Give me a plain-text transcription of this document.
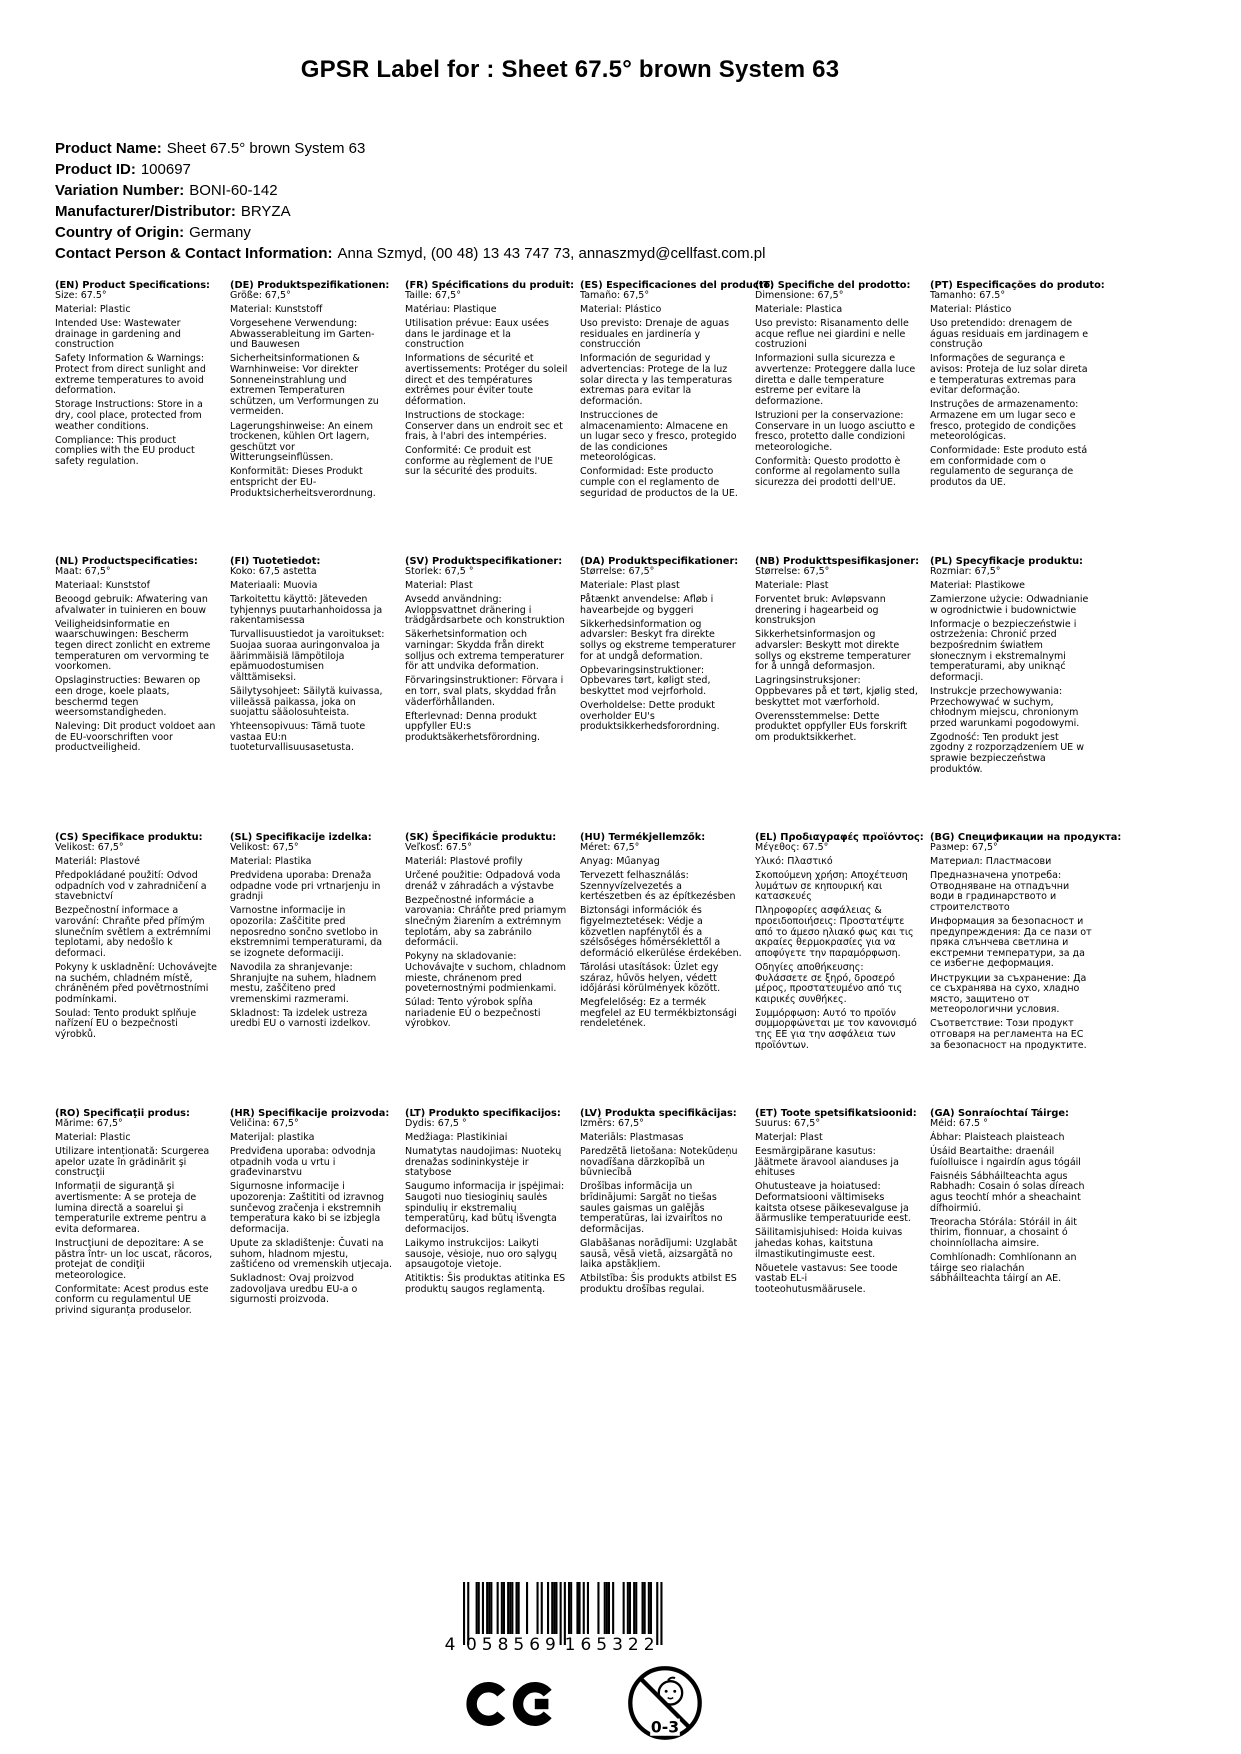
GPSR Label for : Sheet 67.5° brown System 63
Product Name: Sheet 67.5° brown System 63
Product ID: 100697
Variation Number: BONI-60-142
Manufacturer/Distributor: BRYZA
Country of Origin: Germany
Contact Person & Contact Information: Anna Szmyd, (00 48) 13 43 747 73, annaszmyd@cellfast.com.pl
(EN) Product Specifications:

Size: 67.5°

Material: Plastic

Intended Use: Wastewater drainage in gardening and construction

Safety Information & Warnings: Protect from direct sunlight and extreme temperatures to avoid deformation.

Storage Instructions: Store in a dry, cool place, protected from weather conditions.

Compliance: This product complies with the EU product safety regulation.

(DE) Produktspezifikationen:

Größe: 67,5°

Material: Kunststoff

Vorgesehene Verwendung: Abwasserableitung im Garten- und Bauwesen

Sicherheitsinformationen & Warnhinweise: Vor direkter Sonneneinstrahlung und extremen Temperaturen schützen, um Verformungen zu vermeiden.

Lagerungshinweise: An einem trockenen, kühlen Ort lagern, geschützt vor Witterungseinflüssen.

Konformität: Dieses Produkt entspricht der EU-Produktsicherheitsverordnung.

(FR) Spécifications du produit:

Taille: 67,5°

Matériau: Plastique

Utilisation prévue: Eaux usées dans le jardinage et la construction

Informations de sécurité et avertissements: Protéger du soleil direct et des températures extrêmes pour éviter toute déformation.

Instructions de stockage: Conserver dans un endroit sec et frais, à l'abri des intempéries.

Conformité: Ce produit est conforme au règlement de l'UE sur la sécurité des produits.

(ES) Especificaciones del producto:

Tamaño: 67,5°

Material: Plástico

Uso previsto: Drenaje de aguas residuales en jardinería y construcción

Información de seguridad y advertencias: Protege de la luz solar directa y las temperaturas extremas para evitar la deformación.

Instrucciones de almacenamiento: Almacene en un lugar seco y fresco, protegido de las condiciones meteorológicas.

Conformidad: Este producto cumple con el reglamento de seguridad de productos de la UE.

(IT) Specifiche del prodotto:

Dimensione: 67,5°

Materiale: Plastica

Uso previsto: Risanamento delle acque reflue nei giardini e nelle costruzioni

Informazioni sulla sicurezza e avvertenze: Proteggere dalla luce diretta e dalle temperature estreme per evitare la deformazione.

Istruzioni per la conservazione: Conservare in un luogo asciutto e fresco, protetto dalle condizioni meteorologiche.

Conformità: Questo prodotto è conforme al regolamento sulla sicurezza dei prodotti dell'UE.

(PT) Especificações do produto:

Tamanho: 67.5°

Material: Plástico

Uso pretendido: drenagem de águas residuais em jardinagem e construção

Informações de segurança e avisos: Proteja de luz solar direta e temperaturas extremas para evitar deformação.

Instruções de armazenamento: Armazene em um lugar seco e fresco, protegido de condições meteorológicas.

Conformidade: Este produto está em conformidade com o regulamento de segurança de produtos da UE.

(NL) Productspecificaties:

Maat: 67,5°

Materiaal: Kunststof

Beoogd gebruik: Afwatering van afvalwater in tuinieren en bouw

Veiligheidsinformatie en waarschuwingen: Bescherm tegen direct zonlicht en extreme temperaturen om vervorming te voorkomen.

Opslaginstructies: Bewaren op een droge, koele plaats, beschermd tegen weersomstandigheden.

Naleving: Dit product voldoet aan de EU-voorschriften voor productveiligheid.

(FI) Tuotetiedot:

Koko: 67,5 astetta

Materiaali: Muovia

Tarkoitettu käyttö: Jäteveden tyhjennys puutarhanhoidossa ja rakentamisessa

Turvallisuustiedot ja varoitukset: Suojaa suoraa auringonvaloa ja äärimmäisiä lämpötiloja epämuodostumisen välttämiseksi.

Säilytysohjeet: Säilytä kuivassa, viileässä paikassa, joka on suojattu sääolosuhteista.

Yhteensopivuus: Tämä tuote vastaa EU:n tuoteturvallisuusasetusta.

(SV) Produktspecifikationer:

Storlek: 67,5 °

Material: Plast

Avsedd användning: Avloppsvattnet dränering i trädgårdsarbete och konstruktion

Säkerhetsinformation och varningar: Skydda från direkt solljus och extrema temperaturer för att undvika deformation.

Förvaringsinstruktioner: Förvara i en torr, sval plats, skyddad från väderförhållanden.

Efterlevnad: Denna produkt uppfyller EU:s produktsäkerhetsförordning.

(DA) Produktspecifikationer:

Størrelse: 67,5°

Materiale: Plast plast

Påtænkt anvendelse: Afløb i havearbejde og byggeri

Sikkerhedsinformation og advarsler: Beskyt fra direkte sollys og ekstreme temperaturer for at undgå deformation.

Opbevaringsinstruktioner: Opbevares tørt, køligt sted, beskyttet mod vejrforhold.

Overholdelse: Dette produkt overholder EU's produktsikkerhedsforordning.

(NB) Produkttspesifikasjoner:

Størrelse: 67,5°

Materiale: Plast

Forventet bruk: Avløpsvann drenering i hagearbeid og konstruksjon

Sikkerhetsinformasjon og advarsler: Beskytt mot direkte sollys og ekstreme temperaturer for å unngå deformasjon.

Lagringsinstruksjoner: Oppbevares på et tørt, kjølig sted, beskyttet mot værforhold.

Overensstemmelse: Dette produktet oppfyller EUs forskrift om produktsikkerhet.

(PL) Specyfikacje produktu:

Rozmiar: 67,5°

Materiał: Plastikowe

Zamierzone użycie: Odwadnianie w ogrodnictwie i budownictwie

Informacje o bezpieczeństwie i ostrzeżenia: Chronić przed bezpośrednim światłem słonecznym i ekstremalnymi temperaturami, aby uniknąć deformacji.

Instrukcje przechowywania: Przechowywać w suchym, chłodnym miejscu, chronionym przed warunkami pogodowymi.

Zgodność: Ten produkt jest zgodny z rozporządzeniem UE w sprawie bezpieczeństwa produktów.

(CS) Specifikace produktu:

Velikost: 67,5°

Materiál: Plastové

Předpokládané použití: Odvod odpadních vod v zahradničení a stavebnictví

Bezpečnostní informace a varování: Chraňte před přímým slunečním světlem a extrémními teplotami, aby nedošlo k deformaci.

Pokyny k uskladnění: Uchovávejte na suchém, chladném místě, chráněném před povětrnostními podmínkami.

Soulad: Tento produkt splňuje nařízení EU o bezpečnosti výrobků.

(SL) Specifikacije izdelka:

Velikost: 67,5°

Material: Plastika

Predvidena uporaba: Drenaža odpadne vode pri vrtnarjenju in gradnji

Varnostne informacije in opozorila: Zaščitite pred neposredno sončno svetlobo in ekstremnimi temperaturami, da se izognete deformaciji.

Navodila za shranjevanje: Shranjujte na suhem, hladnem mestu, zaščiteno pred vremenskimi razmerami.

Skladnost: Ta izdelek ustreza uredbi EU o varnosti izdelkov.

(SK) Špecifikácie produktu:

Veľkosť: 67.5°

Materiál: Plastové profily

Určené použitie: Odpadová voda drenáž v záhradách a výstavbe

Bezpečnostné informácie a varovania: Chráňte pred priamym slnečným žiarením a extrémnym teplotám, aby sa zabránilo deformácii.

Pokyny na skladovanie: Uchovávajte v suchom, chladnom mieste, chránenom pred poveternostnými podmienkami.

Súlad: Tento výrobok spĺňa nariadenie EÚ o bezpečnosti výrobkov.

(HU) Termékjellemzők:

Méret: 67,5°

Anyag: Műanyag

Tervezett felhasználás: Szennyvízelvezetés a kertészetben és az építkezésben

Biztonsági információk és figyelmeztetések: Védje a közvetlen napfénytől és a szélsőséges hőmérséklettől a deformáció elkerülése érdekében.

Tárolási utasítások: Üzlet egy száraz, hűvös helyen, védett időjárási körülmények között.

Megfelelőség: Ez a termék megfelel az EU termékbiztonsági rendeletének.

(EL) Προδιαγραφές προϊόντος:

Μέγεθος: 67.5°

Υλικό: Πλαστικό

Σκοπούμενη χρήση: Αποχέτευση λυμάτων σε κηπουρική και κατασκευές

Πληροφορίες ασφάλειας & προειδοποιήσεις: Προστατέψτε από το άμεσο ηλιακό φως και τις ακραίες θερμοκρασίες για να αποφύγετε την παραμόρφωση.

Οδηγίες αποθήκευσης: Φυλάσσετε σε ξηρό, δροσερό μέρος, προστατευμένο από τις καιρικές συνθήκες.

Συμμόρφωση: Αυτό το προϊόν συμμορφώνεται με τον κανονισμό της ΕΕ για την ασφάλεια των προϊόντων.

(BG) Спецификации на продукта:

Размер: 67,5°

Материал: Пластмасови

Предназначена употреба: Отводняване на отпадъчни води в градинарството и строителството

Информация за безопасност и предупреждения: Да се пази от пряка слънчева светлина и екстремни температури, за да се избегне деформация.

Инструкции за съхранение: Да се съхранява на сухо, хладно място, защитено от метеорологични условия.

Съответствие: Този продукт отговаря на регламента на ЕС за безопасност на продуктите.

(RO) Specificaţii produs:

Mărime: 67,5°

Material: Plastic

Utilizare intenționată: Scurgerea apelor uzate în grădinărit şi construcţii

Informații de siguranţă şi avertismente: A se proteja de lumina directă a soarelui şi temperaturile extreme pentru a evita deformarea.

Instrucţiuni de depozitare: A se păstra într- un loc uscat, răcoros, protejat de condiţii meteorologice.

Conformitate: Acest produs este conform cu regulamentul UE privind siguranța produselor.

(HR) Specifikacije proizvoda:

Veličina: 67,5°

Materijal: plastika

Predviđena uporaba: odvodnja otpadnih voda u vrtu i građevinarstvu

Sigurnosne informacije i upozorenja: Zaštititi od izravnog sunčevog zračenja i ekstremnih temperatura kako bi se izbjegla deformacija.

Upute za skladištenje: Čuvati na suhom, hladnom mjestu, zaštićeno od vremenskih utjecaja.

Sukladnost: Ovaj proizvod zadovoljava uredbu EU-a o sigurnosti proizvoda.

(LT) Produkto specifikacijos:

Dydis: 67,5 °

Medžiaga: Plastikiniai

Numatytas naudojimas: Nuotekų drenažas sodininkystėje ir statybose

Saugumo informacija ir įspėjimai: Saugoti nuo tiesioginių saulės spindulių ir ekstremalių temperatūrų, kad būtų išvengta deformacijos.

Laikymo instrukcijos: Laikyti sausoje, vėsioje, nuo oro sąlygų apsaugotoje vietoje.

Atitiktis: Šis produktas atitinka ES produktų saugos reglamentą.

(LV) Produkta specifikācijas:

Izmērs: 67,5°

Materiāls: Plastmasas

Paredzētā lietošana: Notekūdeņu novadīšana dārzkopībā un būvniecībā

Drošības informācija un brīdinājumi: Sargāt no tiešas saules gaismas un galējās temperatūras, lai izvairītos no deformācijas.

Glabāšanas norādījumi: Uzglabāt sausā, vēsā vietā, aizsargātā no laika apstākļiem.

Atbilstība: Šis produkts atbilst ES produktu drošības regulai.

(ET) Toote spetsifikatsioonid:

Suurus: 67,5°

Materjal: Plast

Eesmärgipärane kasutus: Jäätmete äravool aianduses ja ehituses

Ohutusteave ja hoiatused: Deformatsiooni vältimiseks kaitsta otsese päikesevalguse ja äärmuslike temperatuuride eest.

Säilitamisjuhised: Hoida kuivas jahedas kohas, kaitstuna ilmastikutingimuste eest.

Nõuetele vastavus: See toode vastab EL-i tooteohutusmäärusele.

(GA) Sonraíochtaí Táirge:

Méid: 67.5 °

Ábhar: Plaisteach plaisteach

Úsáid Beartaithe: draenáil fuíolluisce i ngairdín agus tógáil

Faisnéis Sábháilteachta agus Rabhadh: Cosain ó solas díreach agus teochtí mhór a sheachaint dífhoirmiú.

Treoracha Stórála: Stóráil in áit thirim, fionnuar, a chosaint ó choinníollacha aimsire.

Comhlíonadh: Comhlíonann an táirge seo rialachán sábháilteachta táirgí an AE.

4 058569 165322
0-3
